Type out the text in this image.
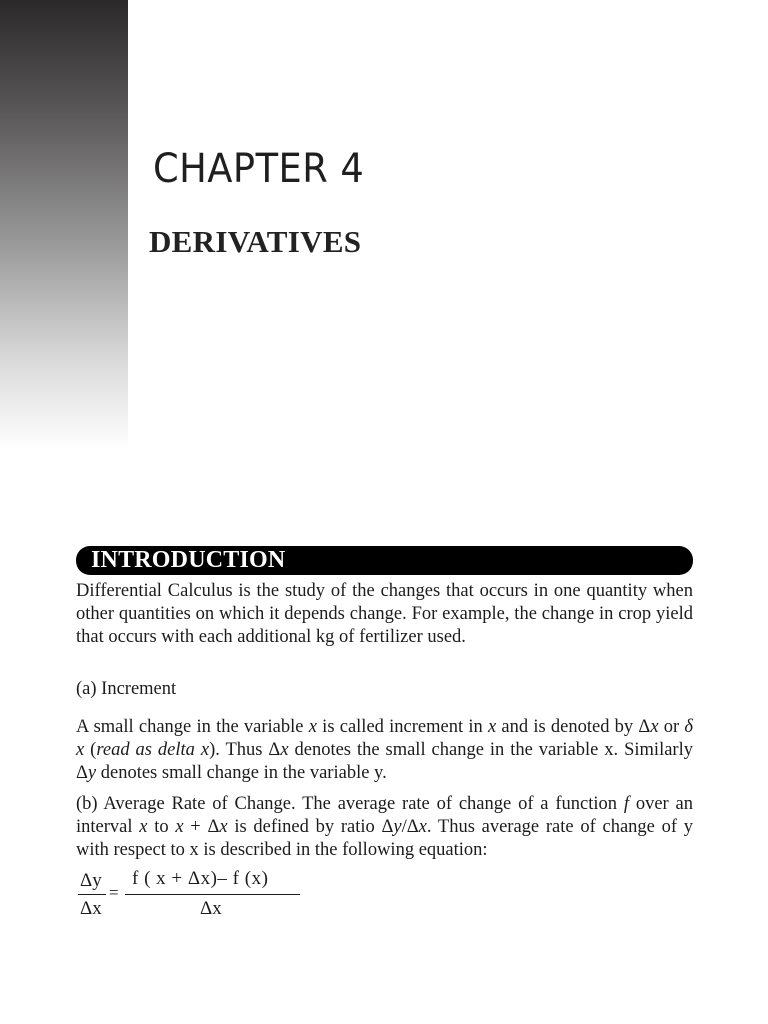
CHAPTER 4
DERIVATIVES
INTRODUCTION

Differential Calculus is the study of the changes that occurs in one quantity when other quantities on which it depends change. For example, the change in crop yield that occurs with each additional kg of fertilizer used.

(a) Increment

A small change in the variable x is called increment in x and is denoted by Δx or δ x (read as delta x). Thus Δx denotes the small change in the variable x. Similarly Δy denotes small change in the variable y.

(b) Average Rate of Change. The average rate of change of a function f over an interval x to x + Δx is defined by ratio Δy/Δx. Thus average rate of change of y with respect to x is described in the following equation:

Δy
Δx
=
f ( x + Δx)– f (x)
Δx
